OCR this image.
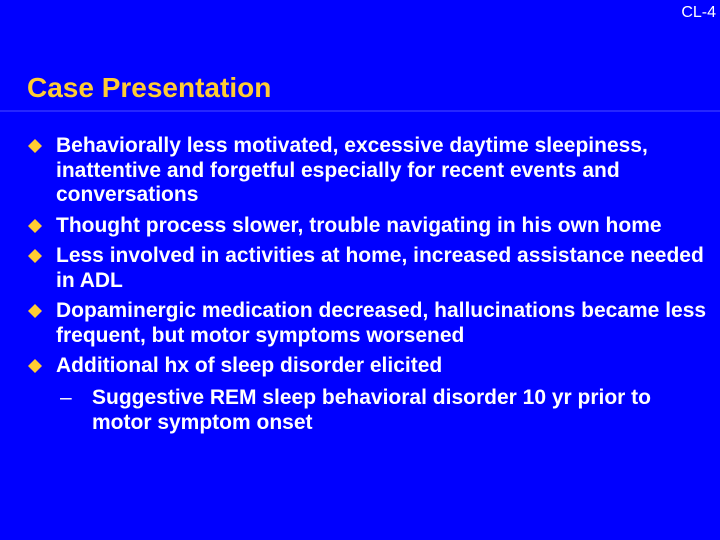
CL-4
Case Presentation
Behaviorally less motivated, excessive daytime sleepiness, inattentive and forgetful especially for recent events and conversations
Thought process slower, trouble navigating in his own home
Less involved in activities at home, increased assistance needed in ADL
Dopaminergic medication decreased, hallucinations became less frequent, but motor symptoms worsened
Additional hx of sleep disorder elicited
– Suggestive REM sleep behavioral disorder 10 yr prior to motor symptom onset
